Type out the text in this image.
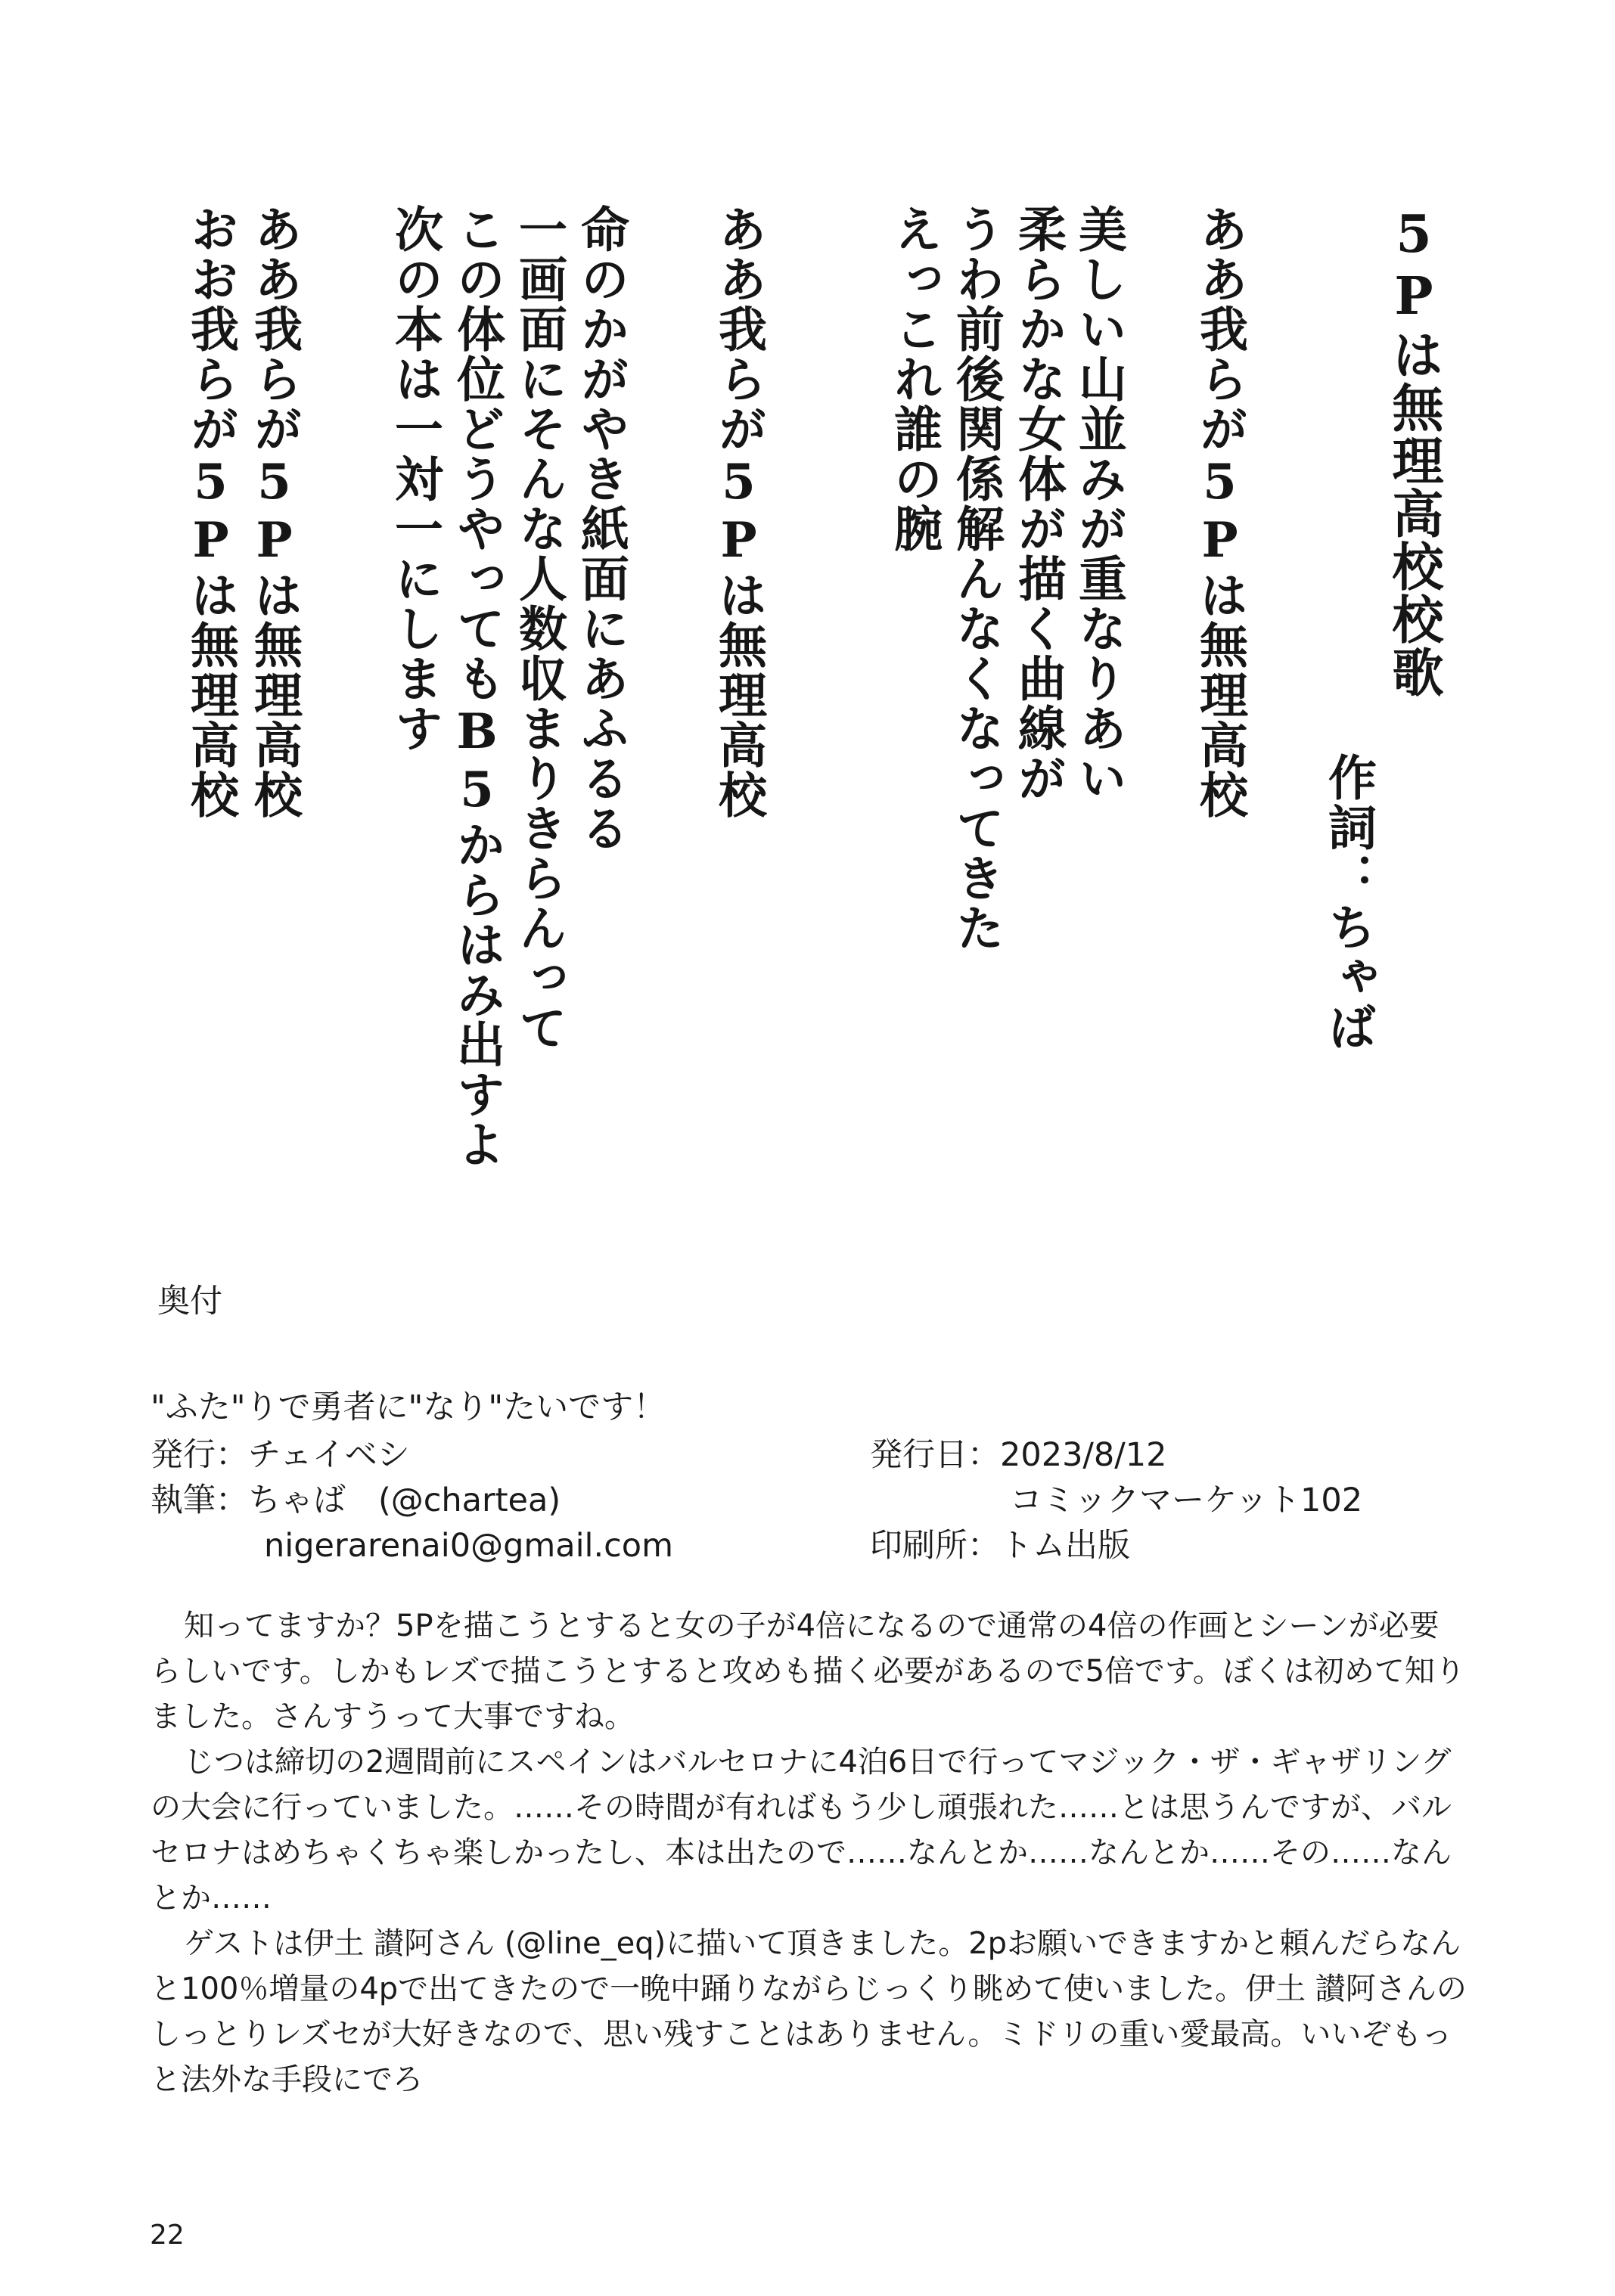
5Pは無理高校校歌
作詞：ちゃば
ああ我らが5Pは無理高校
美しい山並みが重なりあい
柔らかな女体が描く曲線が
うわ前後関係解んなくなってきた
えっこれ誰の腕
ああ我らが5Pは無理高校
命のかがやき紙面にあふるる
一画面にそんな人数収まりきらんって
この体位どうやってもB5からはみ出すよ
次の本は一対一にします
ああ我らが5Pは無理高校
おお我らが5Pは無理高校
奥付
"ふた"りで勇者に"なり"たいです！
発行：チェイベシ
執筆：ちゃば　(@chartea)
nigerarenai0@gmail.com
発行日：2023/8/12
コミックマーケット102
印刷所：トム出版

知ってますか？5Pを描こうとすると女の子が4倍になるので通常の4倍の作画とシーンが必要らしいです。しかもレズで描こうとすると攻めも描く必要があるので5倍です。ぼくは初めて知りました。さんすうって大事ですね。

じつは締切の2週間前にスペインはバルセロナに4泊6日で行ってマジック・ザ・ギャザリングの大会に行っていました。……その時間が有ればもう少し頑張れた……とは思うんですが、バルセロナはめちゃくちゃ楽しかったし、本は出たので……なんとか……なんとか……その……なんとか……

ゲストは伊土 讃阿さん (@line_eq)に描いて頂きました。2pお願いできますかと頼んだらなんと100％増量の4pで出てきたので一晩中踊りながらじっくり眺めて使いました。伊土 讃阿さんのしっとりレズセが大好きなので、思い残すことはありません。ミドリの重い愛最高。いいぞもっと法外な手段にでろ

22
